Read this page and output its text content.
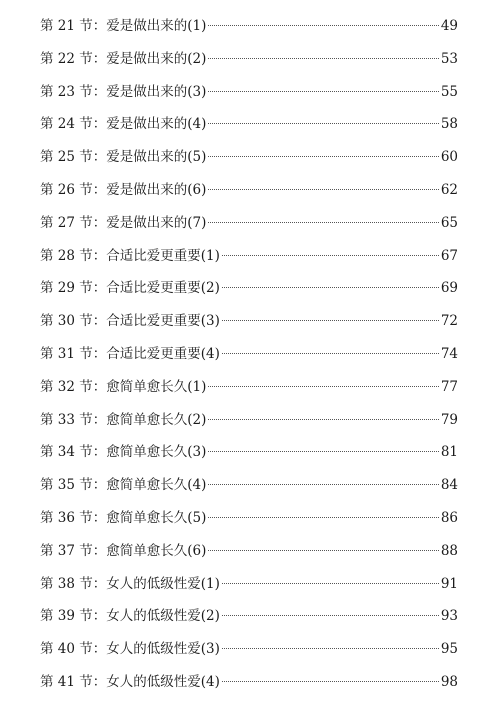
第 21 节 ： 爱是做出来的(1)	49
第 22 节 ： 爱是做出来的(2)	53
第 23 节 ： 爱是做出来的(3)	55
第 24 节 ： 爱是做出来的(4)	58
第 25 节 ： 爱是做出来的(5)	60
第 26 节 ： 爱是做出来的(6)	62
第 27 节 ： 爱是做出来的(7)	65
第 28 节 ： 合适比爱更重要(1)	67
第 29 节 ： 合适比爱更重要(2)	69
第 30 节 ： 合适比爱更重要(3)	72
第 31 节 ： 合适比爱更重要(4)	74
第 32 节 ： 愈简单愈长久(1)	77
第 33 节 ： 愈简单愈长久(2)	79
第 34 节 ： 愈简单愈长久(3)	81
第 35 节 ： 愈简单愈长久(4)	84
第 36 节 ： 愈简单愈长久(5)	86
第 37 节 ： 愈简单愈长久(6)	88
第 38 节 ： 女人的低级性爱(1)	91
第 39 节 ： 女人的低级性爱(2)	93
第 40 节 ： 女人的低级性爱(3)	95
第 41 节 ： 女人的低级性爱(4)	98
